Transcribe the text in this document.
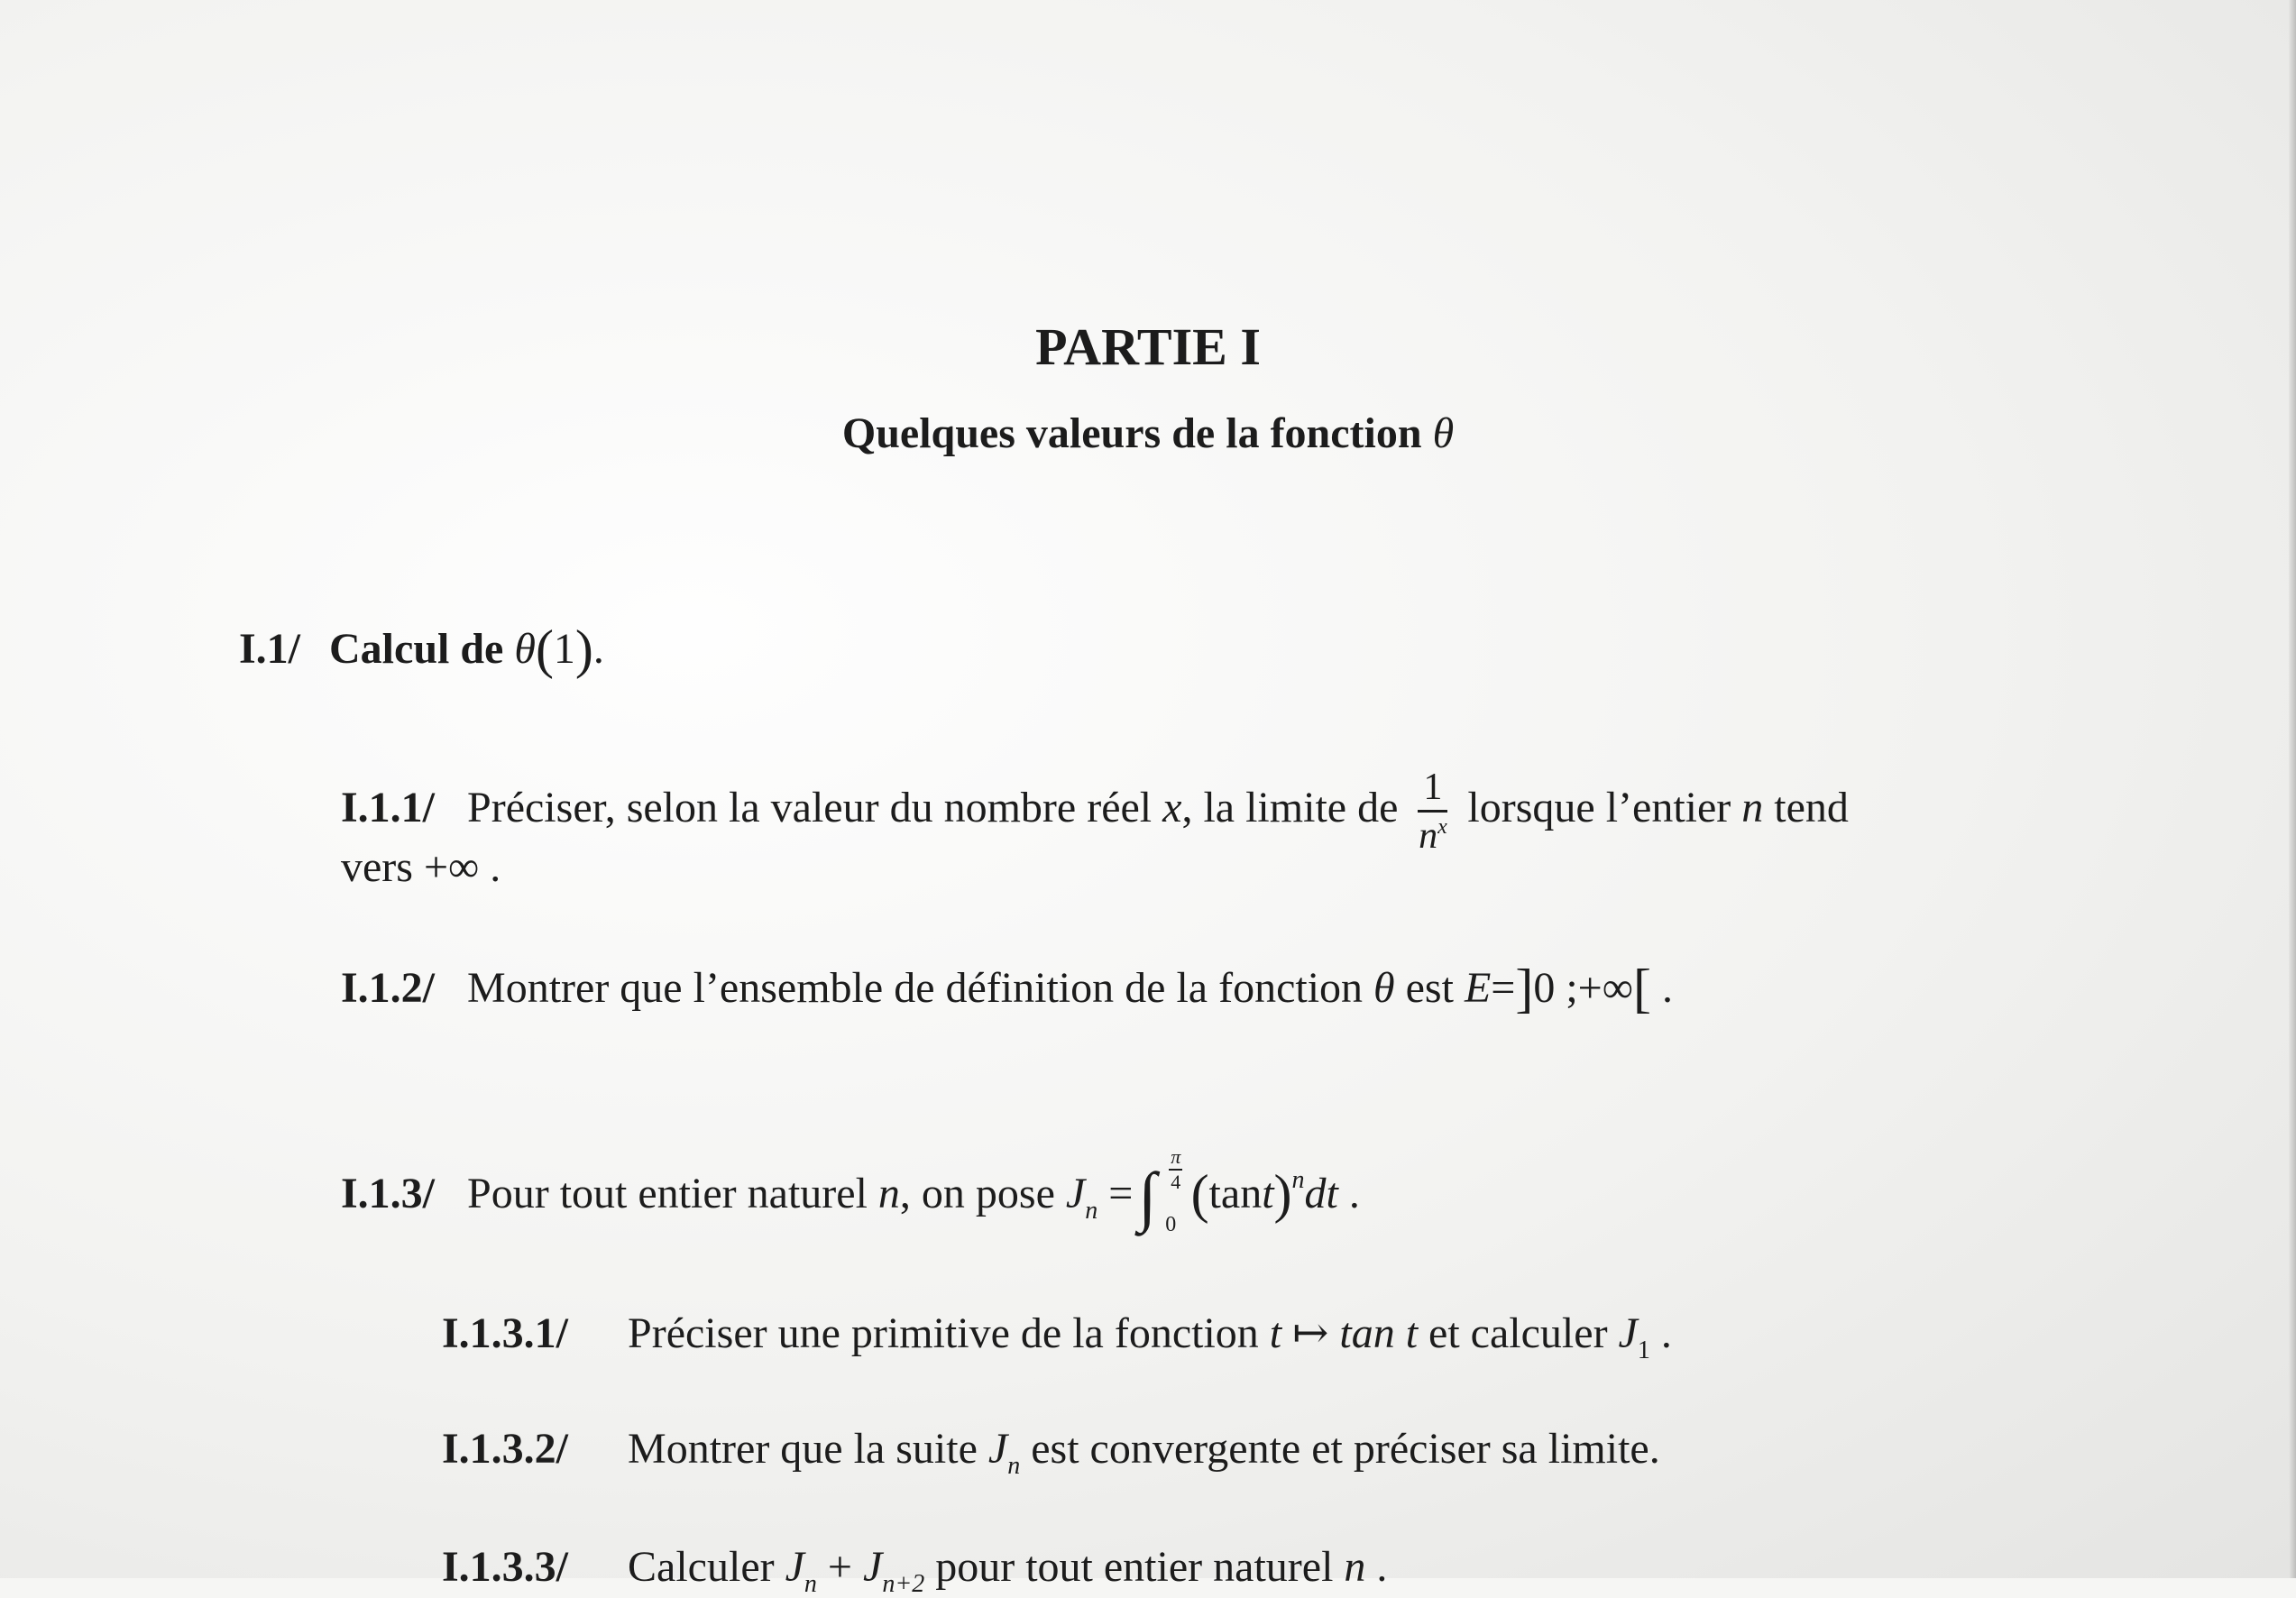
PARTIE I
Quelques valeurs de la fonction θ
I.1/ Calcul de θ(1).
I.1.1/ Préciser, selon la valeur du nombre réel x, la limite de $\frac{1}{n^x}$ lorsque l’entier n tend
vers +∞ .
I.1.2/ Montrer que l’ensemble de définition de la fonction θ est E=]0 ;+∞[ .
I.1.3/ Pour tout entier naturel n, on pose $J_n$ =∫ $\frac{\pi}{4}$
0
$(\tan t)^ndt$ .
I.1.3.1/ Préciser une primitive de la fonction t ↦ tan t et calculer $J_1$ .
I.1.3.2/ Montrer que la suite $J_n$ est convergente et préciser sa limite.
I.1.3.3/ Calculer $J_n + J_{n+2}$ pour tout entier naturel n .
